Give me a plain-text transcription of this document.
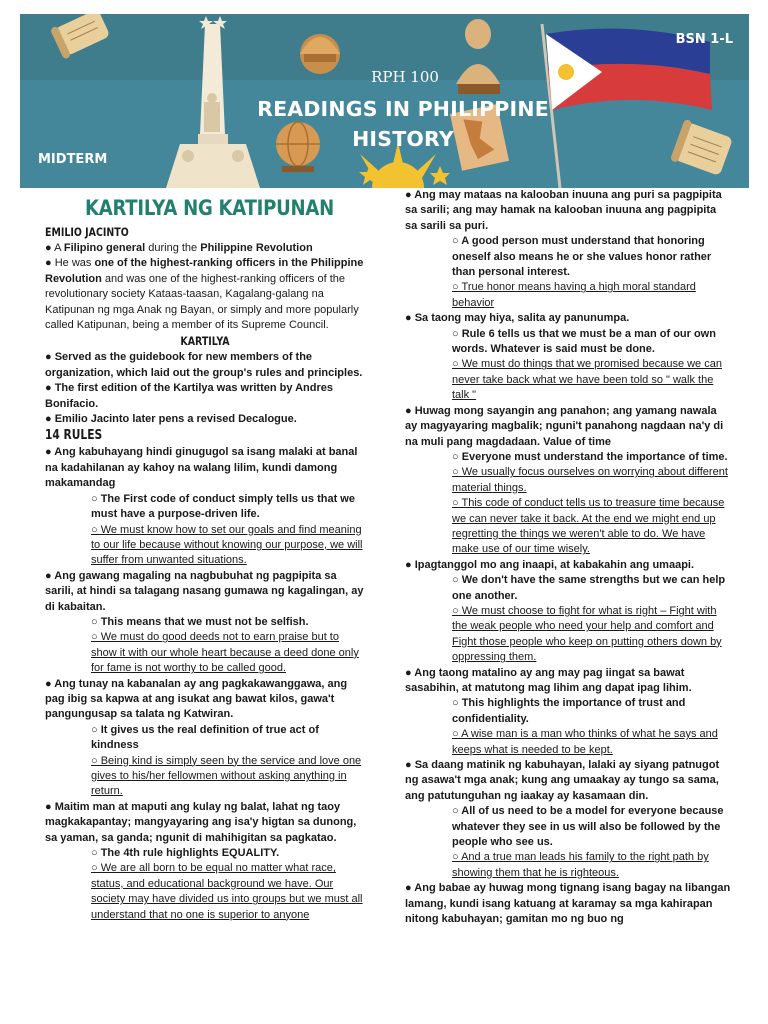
RPH 100
READINGS IN PHILIPPINE HISTORY
MIDTERM
BSN 1-L
KARTILYA NG KATIPUNAN
EMILIO JACINTO

● A Filipino general during the Philippine Revolution

● He was one of the highest-ranking officers in the Philippine Revolution and was one of the highest-ranking officers of the revolutionary society Kataas-taasan, Kagalang-galang na Katipunan ng mga Anak ng Bayan, or simply and more popularly called Katipunan, being a member of its Supreme Council.

KARTILYA

● Served as the guidebook for new members of the organization, which laid out the group's rules and principles.

● The first edition of the Kartilya was written by Andres Bonifacio.

● Emilio Jacinto later pens a revised Decalogue.

14 RULES

● Ang kabuhayang hindi ginugugol sa isang malaki at banal na kadahilanan ay kahoy na walang lilim, kundi damong makamandag

○ The First code of conduct simply tells us that we must have a purpose-driven life.

○ We must know how to set our goals and find meaning to our life because without knowing our purpose, we will suffer from unwanted situations.

● Ang gawang magaling na nagbubuhat ng pagpipita sa sarili, at hindi sa talagang nasang gumawa ng kagalingan, ay di kabaitan.

○ This means that we must not be selfish.

○ We must do good deeds not to earn praise but to show it with our whole heart because a deed done only for fame is not worthy to be called good.

● Ang tunay na kabanalan ay ang pagkakawanggawa, ang pag ibig sa kapwa at ang isukat ang bawat kilos, gawa't pangungusap sa talata ng Katwiran.

○ It gives us the real definition of true act of kindness

○ Being kind is simply seen by the service and love one gives to his/her fellowmen without asking anything in return.

● Maitim man at maputi ang kulay ng balat, lahat ng taoy magkakapantay; mangyayaring ang isa'y higtan sa dunong, sa yaman, sa ganda; ngunit di mahihigitan sa pagkatao.

○ The 4th rule highlights EQUALITY.

○ We are all born to be equal no matter what race, status, and educational background we have. Our society may have divided us into groups but we must all understand that no one is superior to anyone

● Ang may mataas na kalooban inuuna ang puri sa pagpipita sa sarili; ang may hamak na kalooban inuuna ang pagpipita sa sarili sa puri.

○ A good person must understand that honoring oneself also means he or she values honor rather than personal interest.

○ True honor means having a high moral standard behavior

● Sa taong may hiya, salita ay panunumpa.

○ Rule 6 tells us that we must be a man of our own words. Whatever is said must be done.

○ We must do things that we promised because we can never take back what we have been told so " walk the talk "

● Huwag mong sayangin ang panahon; ang yamang nawala ay magyayaring magbalik; nguni't panahong nagdaan na'y di na muli pang magdadaan. Value of time

○ Everyone must understand the importance of time.

○ We usually focus ourselves on worrying about different material things.

○ This code of conduct tells us to treasure time because we can never take it back. At the end we might end up regretting the things we weren't able to do. We have make use of our time wisely.

● Ipagtanggol mo ang inaapi, at kabakahin ang umaapi.

○ We don't have the same strengths but we can help one another.

○ We must choose to fight for what is right – Fight with the weak people who need your help and comfort and Fight those people who keep on putting others down by oppressing them.

● Ang taong matalino ay ang may pag iingat sa bawat sasabihin, at matutong mag lihim ang dapat ipag lihim.

○ This highlights the importance of trust and confidentiality.

○ A wise man is a man who thinks of what he says and keeps what is needed to be kept.

● Sa daang matinik ng kabuhayan, lalaki ay siyang patnugot ng asawa't mga anak; kung ang umaakay ay tungo sa sama, ang patutunguhan ng iaakay ay kasamaan din.

○ All of us need to be a model for everyone because whatever they see in us will also be followed by the people who see us.

○ And a true man leads his family to the right path by showing them that he is righteous.

● Ang babae ay huwag mong tignang isang bagay na libangan lamang, kundi isang katuang at karamay sa mga kahirapan nitong kabuhayan; gamitan mo ng buo ng
